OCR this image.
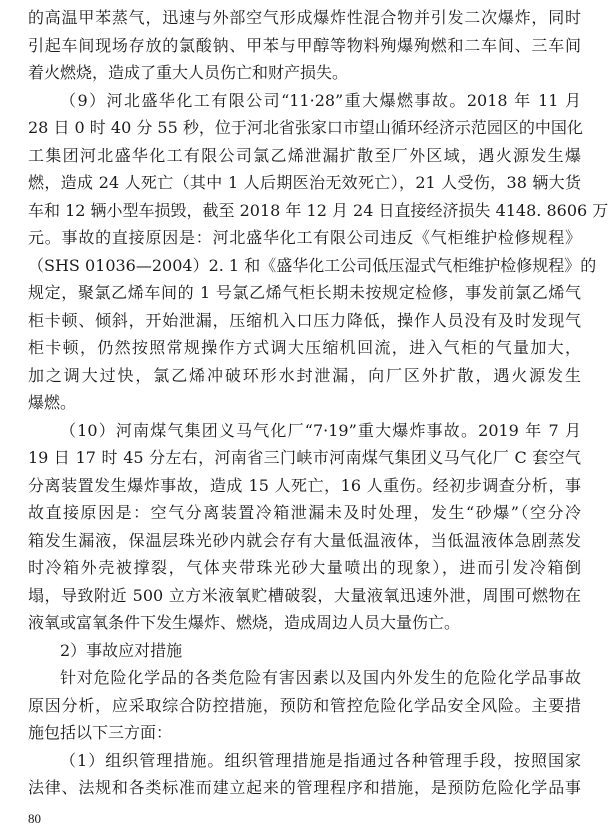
的高温甲苯蒸气，迅速与外部空气形成爆炸性混合物并引发二次爆炸，同时
引起车间现场存放的氯酸钠、甲苯与甲醇等物料殉爆殉燃和二车间、三车间
着火燃烧，造成了重大人员伤亡和财产损失。
（9）河北盛华化工有限公司“11·28”重大爆燃事故。2018 年 11 月
28 日 0 时 40 分 55 秒，位于河北省张家口市望山循环经济示范园区的中国化
工集团河北盛华化工有限公司氯乙烯泄漏扩散至厂外区域，遇火源发生爆
燃，造成 24 人死亡（其中 1 人后期医治无效死亡），21 人受伤，38 辆大货
车和 12 辆小型车损毁，截至 2018 年 12 月 24 日直接经济损失 4148. 8606 万
元。事故的直接原因是：河北盛华化工有限公司违反《气柜维护检修规程》
（SHS 01036—2004）2. 1 和《盛华化工公司低压湿式气柜维护检修规程》的
规定，聚氯乙烯车间的 1 号氯乙烯气柜长期未按规定检修，事发前氯乙烯气
柜卡顿、倾斜，开始泄漏，压缩机入口压力降低，操作人员没有及时发现气
柜卡顿，仍然按照常规操作方式调大压缩机回流，进入气柜的气量加大，
加之调大过快，氯乙烯冲破环形水封泄漏，向厂区外扩散，遇火源发生
爆燃。
（10）河南煤气集团义马气化厂“7·19”重大爆炸事故。2019 年 7 月
19 日 17 时 45 分左右，河南省三门峡市河南煤气集团义马气化厂 C 套空气
分离装置发生爆炸事故，造成 15 人死亡，16 人重伤。经初步调查分析，事
故直接原因是：空气分离装置冷箱泄漏未及时处理，发生“砂爆”（空分冷
箱发生漏液，保温层珠光砂内就会存有大量低温液体，当低温液体急剧蒸发
时冷箱外壳被撑裂，气体夹带珠光砂大量喷出的现象），进而引发冷箱倒
塌，导致附近 500 立方米液氧贮槽破裂，大量液氧迅速外泄，周围可燃物在
液氧或富氧条件下发生爆炸、燃烧，造成周边人员大量伤亡。
2）事故应对措施
针对危险化学品的各类危险有害因素以及国内外发生的危险化学品事故
原因分析，应采取综合防控措施，预防和管控危险化学品安全风险。主要措
施包括以下三方面：
（1）组织管理措施。组织管理措施是指通过各种管理手段，按照国家
法律、法规和各类标准而建立起来的管理程序和措施，是预防危险化学品事
80
